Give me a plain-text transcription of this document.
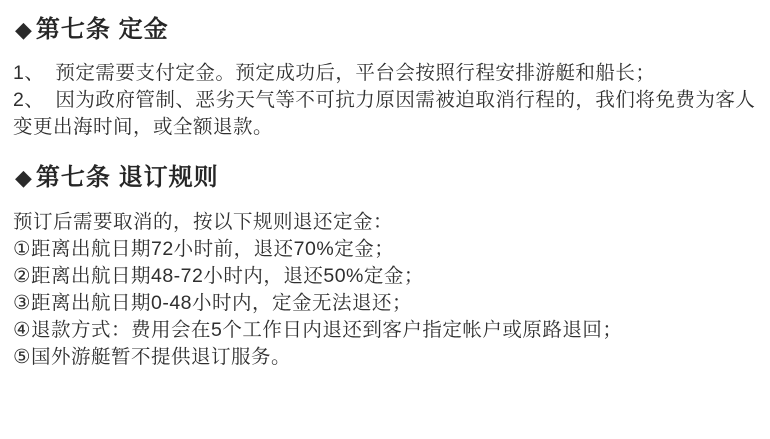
◆ 第七条 定金

1、 预定需要支付定金。预定成功后，平台会按照行程安排游艇和船长；

2、 因为政府管制、恶劣天气等不可抗力原因需被迫取消行程的，我们将免费为客人变更出海时间，或全额退款。

◆ 第七条 退订规则

预订后需要取消的，按以下规则退还定金：

①距离出航日期72小时前，退还70%定金；
②距离出航日期48-72小时内，退还50%定金；
③距离出航日期0-48小时内，定金无法退还；
④退款方式：费用会在5个工作日内退还到客户指定帐户或原路退回；
⑤国外游艇暂不提供退订服务。
